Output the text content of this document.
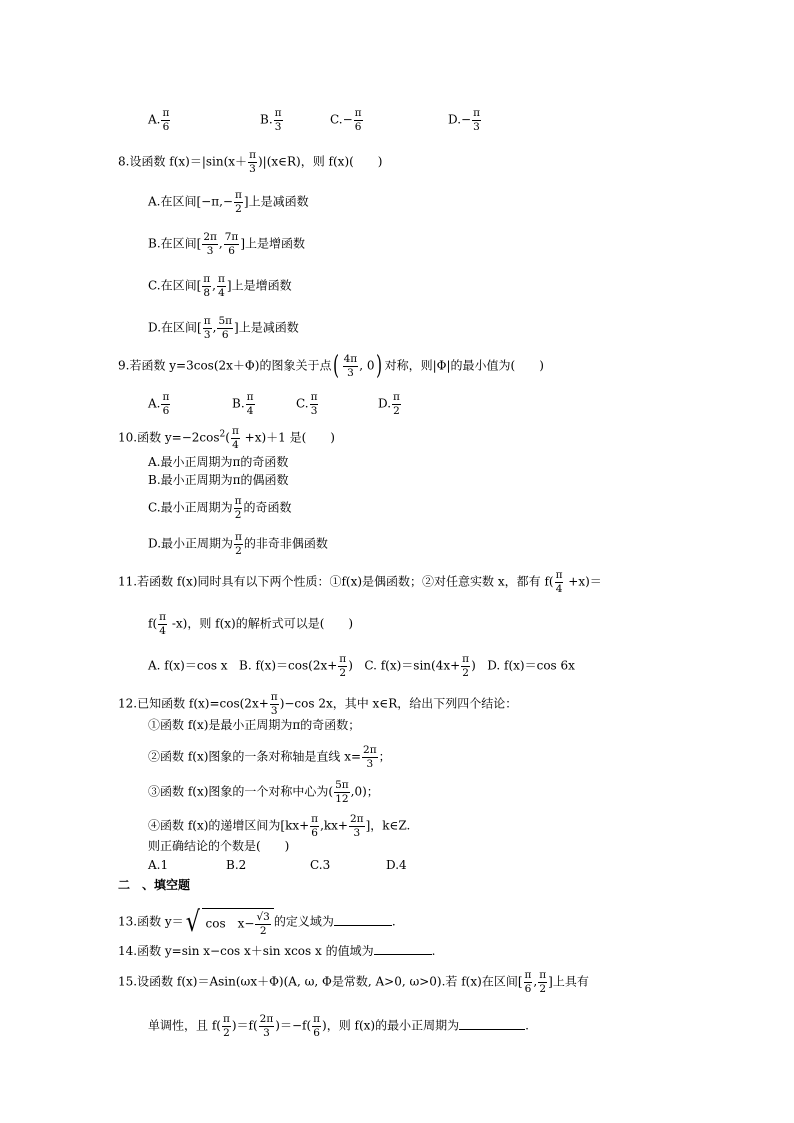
A. $\frac{\pi}{6}$	B. $\frac{\pi}{3}$	$C.- \frac{\pi}{6}$	$D.- \frac{\pi}{3}$
8.设函数 $f(x)=|\sin(x+ \frac{\pi}{3}$ )|(x∈R)，则 f(x)(　　)
A.在区间[$-\pi,- \frac{\pi}{2}$ ]上是减函数
B.在区间[ $\frac{2\pi}{3}$ , $\frac{7\pi}{6}$ ]上是增函数
C.在区间[ $\frac{\pi}{8}$ , $\frac{\pi}{4}$ ]上是增函数
D.在区间[ $\frac{\pi}{3}$ , $\frac{5\pi}{6}$ ]上是减函数
9.若函数 y=3cos(2x＋Φ)的图象关于点( $\frac{4\pi}{3}$ , 0) 对称，则|Φ|的最小值为(　　)
A. $\frac{\pi}{6}$	B. $\frac{\pi}{4}$	C. $\frac{\pi}{3}$	D. $\frac{\pi}{2}$
10.函数 $y=-2\cos^2( \frac{\pi}{4} +x)+1$ 是(　　)
A.最小正周期为π的奇函数
B.最小正周期为π的偶函数
C.最小正周期为 $\frac{\pi}{2}$ 的奇函数
D.最小正周期为 $\frac{\pi}{2}$ 的非奇非偶函数
11.若函数 f(x)同时具有以下两个性质：①f(x)是偶函数；②对任意实数 x，都有 $f( \frac{\pi}{4} +x)=$
$f( \frac{\pi}{4} -x)$，则 f(x)的解析式可以是(　　)
A. f(x)＝cos x B. $f(x)=\cos(2x+ \frac{\pi}{2}$ ) C. $f(x)=\sin(4x+ \frac{\pi}{2}$ ) D. f(x)＝cos 6x
12.已知函数 $f(x)=\cos(2x+ \frac{\pi}{3} )-\cos$ 2x，其中 x∈R，给出下列四个结论：
①函数 f(x)是最小正周期为π的奇函数；
②函数 f(x)图象的一条对称轴是直线 $x= \frac{2\pi}{3}$ ；
③函数 f(x)图象的一个对称中心为( $\frac{5\pi}{12} ,0$)；
④函数 f(x)的递增区间为[$kx+ \frac{\pi}{6} ,kx+ \frac{2\pi}{3}$ ]，k∈Z.
则正确结论的个数是(　　)
A.1	B.2	C.3	D.4
二　、填空题
13.函数 y＝√ cos　$x- \frac{√3}{2}$ 的定义域为	.
14.函数 y=sin x−cos x＋sin xcos x 的值域为	.
15.设函数 f(x)＝Asin(ωx＋Φ)(A, ω, Φ是常数, A>0, ω>0).若 f(x)在区间[ $\frac{\pi}{6}$ , $\frac{\pi}{2}$ ]上具有
单调性，且 $f( \frac{\pi}{2} )=f( \frac{2\pi}{3} )=-f( \frac{\pi}{6}$ )，则 f(x)的最小正周期为	.
